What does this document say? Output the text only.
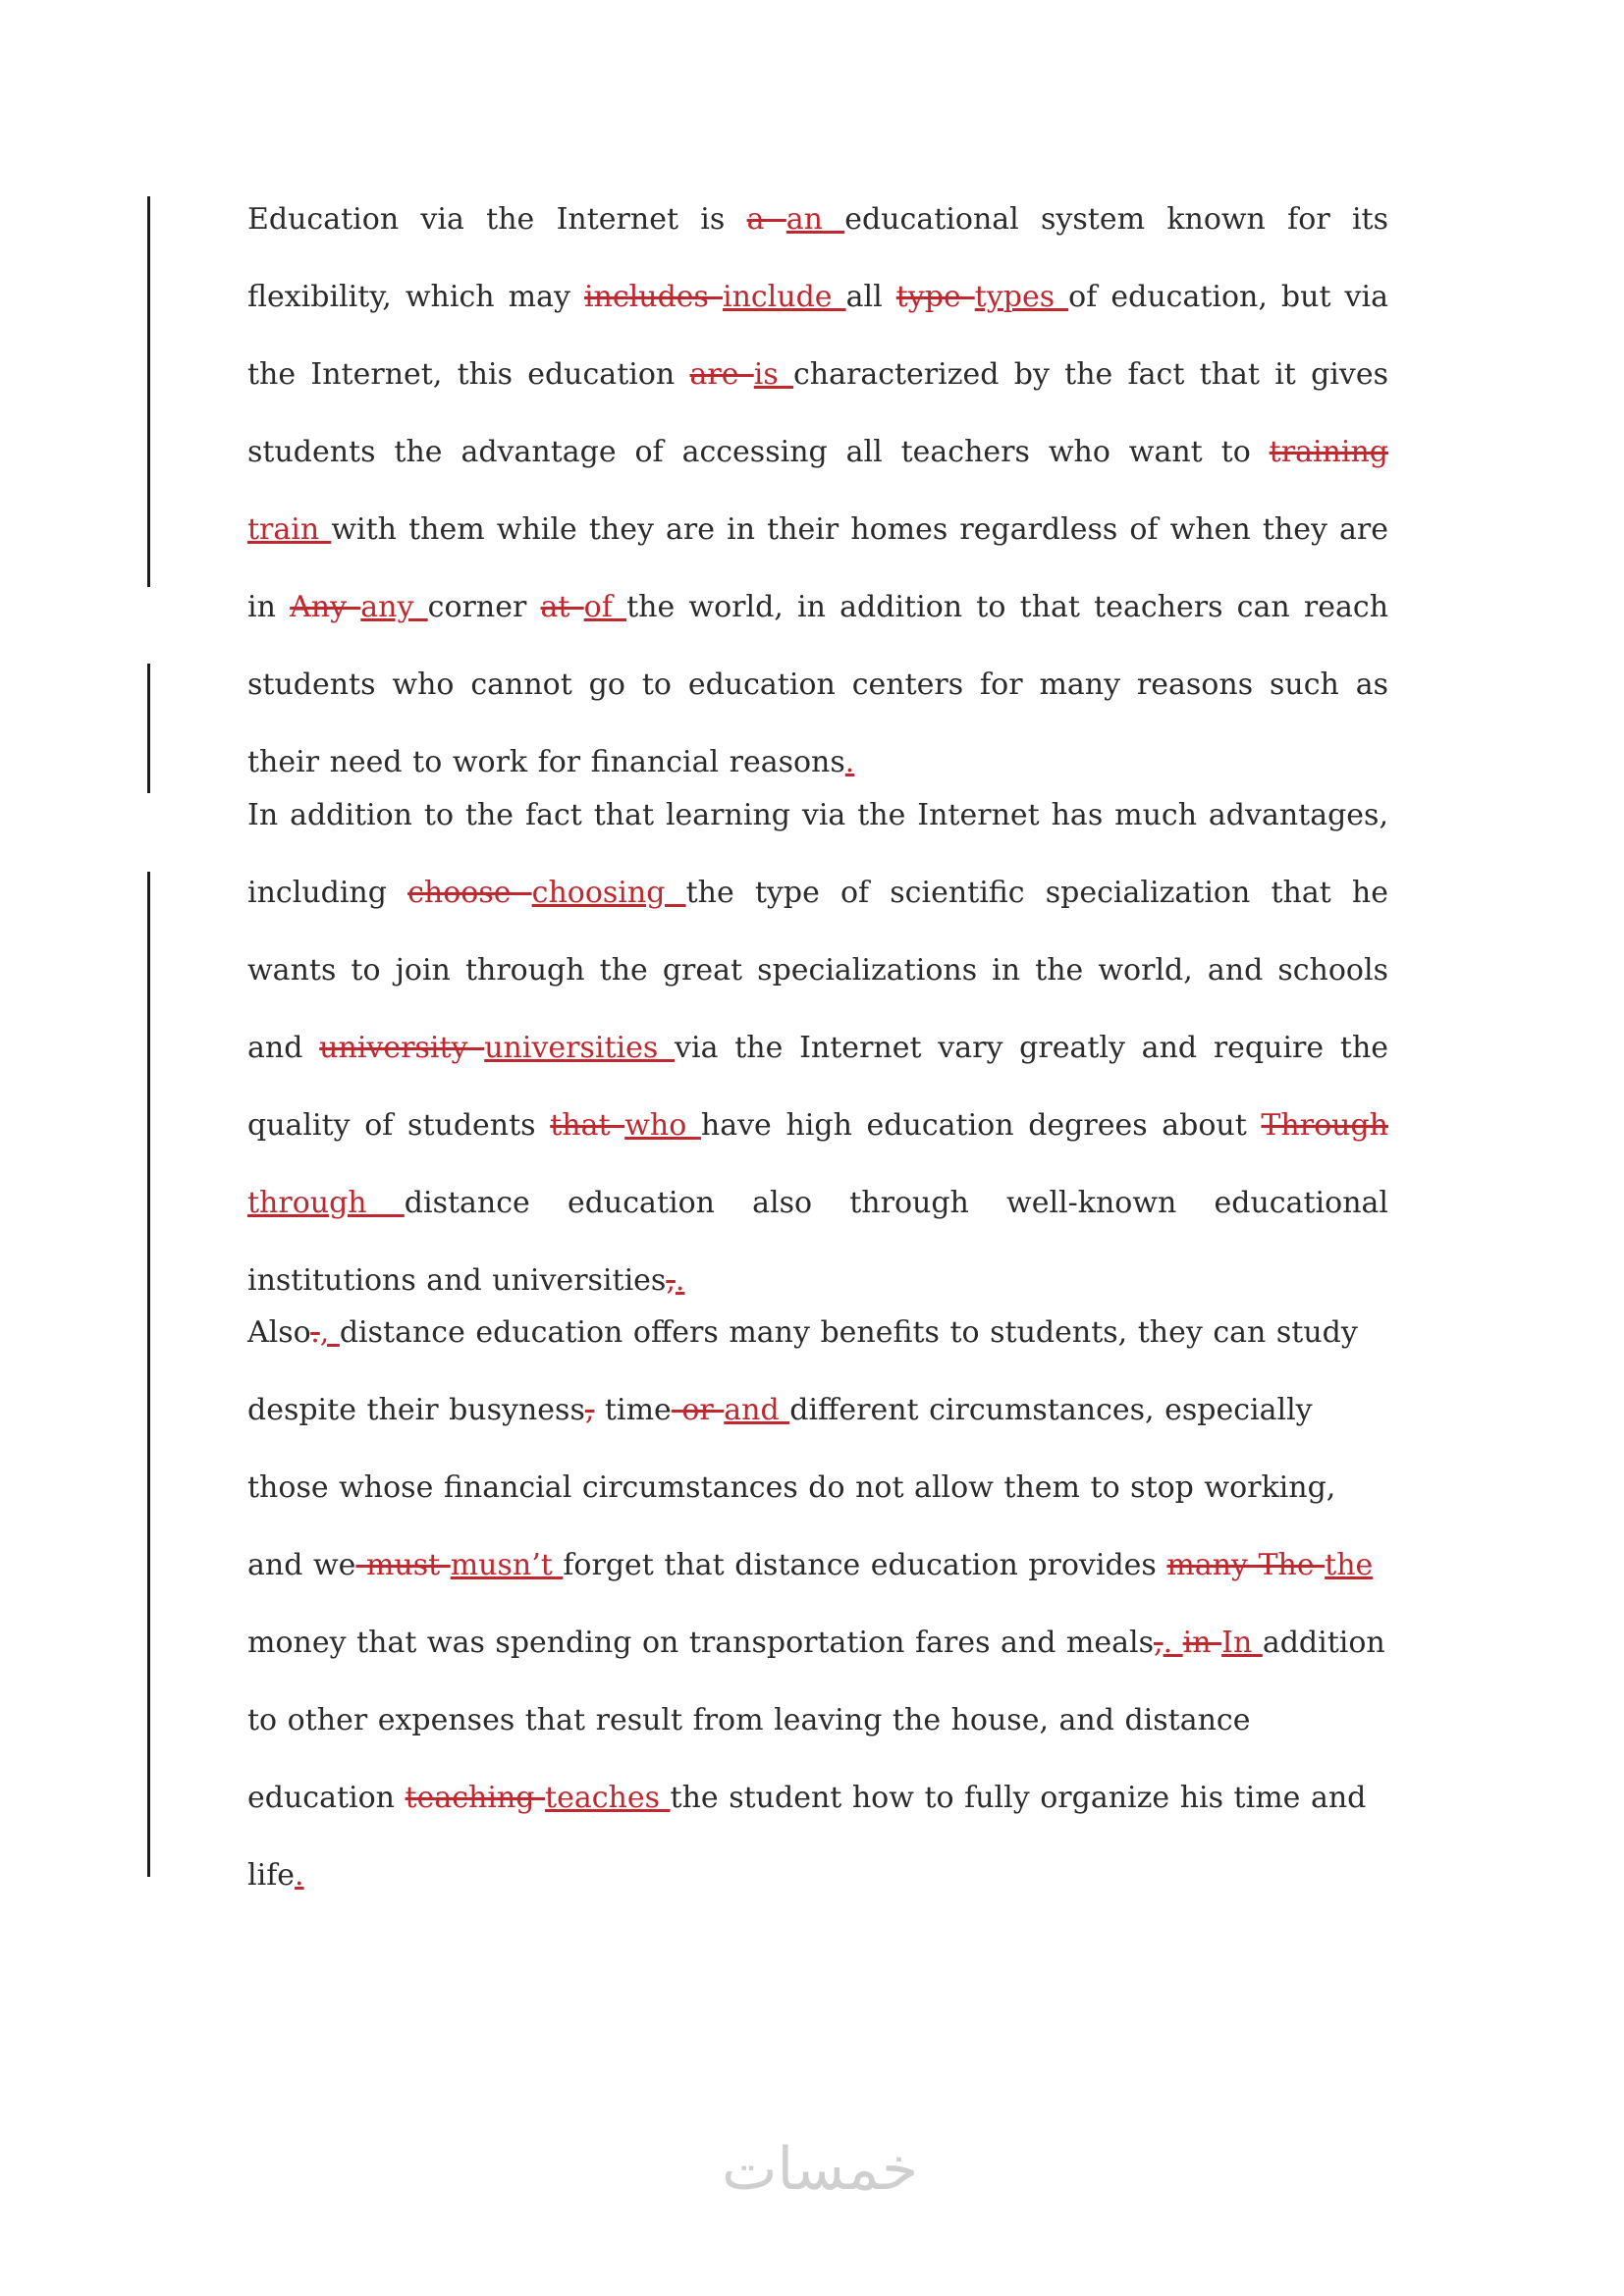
Education via the Internet is a an educational system known for its flexibility, which may includes include all type types of education, but via the Internet, this education are is characterized by the fact that it gives students the advantage of accessing all teachers who want to training train with them while they are in their homes regardless of when they are in Any any corner at of the world, in addition to that teachers can reach students who cannot go to education centers for many reasons such as their need to work for financial reasons.

In addition to the fact that learning via the Internet has much advantages, including choose choosing the type of scientific specialization that he wants to join through the great specializations in the world, and schools and university universities via the Internet vary greatly and require the quality of students that who have high education degrees about Through through distance education also through well-known educational institutions and universities,.

Also., distance education offers many benefits to students, they can study despite their busyness, time or and different circumstances, especially those whose financial circumstances do not allow them to stop working, and we must musn’t forget that distance education provides many The the money that was spending on transportation fares and meals,. in In addition to other expenses that result from leaving the house, and distance education teaching teaches the student how to fully organize his time and life.

خمسات
